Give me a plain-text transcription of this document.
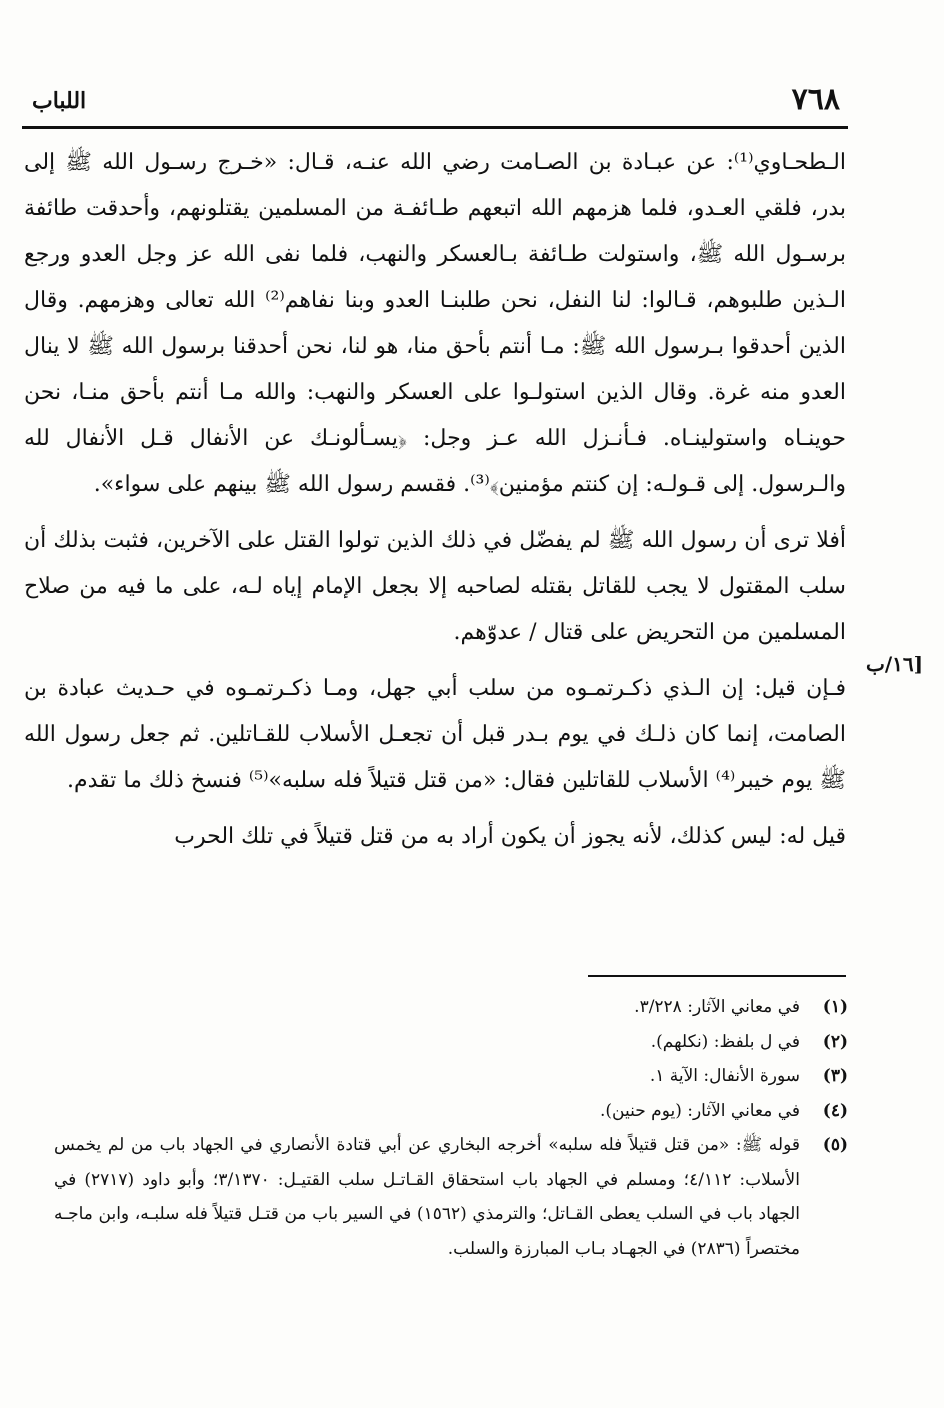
٧٦٨
اللباب

الـطحـاوي⁽¹⁾: عن عبـادة بن الصـامت رضي الله عنـه، قـال: «خـرج رسـول الله ﷺ إلى بدر، فلقي العـدو، فلما هزمهم الله اتبعهم طـائفـة من المسلمين يقتلونهم، وأحدقت طائفة برسـول الله ﷺ، واستولت طـائفة بـالعسكر والنهب، فلما نفى الله عز وجل العدو ورجع الـذين طلبوهم، قـالوا: لنا النفل، نحن طلبنـا العدو وبنا نفاهم⁽²⁾ الله تعالى وهزمهم. وقال الذين أحدقوا بـرسول الله ﷺ: مـا أنتم بأحق منا، هو لنا، نحن أحدقنا برسول الله ﷺ لا ينال العدو منه غرة. وقال الذين استولـوا على العسكر والنهب: والله مـا أنتم بأحق منـا، نحن حوينـاه واستولينـاه. فـأنـزل الله عـز وجل: ﴿يسـألونـك عن الأنفال قـل الأنفال لله والـرسول. إلى قـولـه: إن كنتم مؤمنين﴾⁽³⁾. فقسم رسول الله ﷺ بينهم على سواء».

أفلا ترى أن رسول الله ﷺ لم يفضّل في ذلك الذين تولوا القتل على الآخرين، فثبت بذلك أن سلب المقتول لا يجب للقاتل بقتله لصاحبه إلا بجعل الإمام إياه لـه، على ما فيه من صلاح المسلمين من التحريض على قتال / عدوّهم.

فـإن قيل: إن الـذي ذكـرتمـوه من سلب أبي جهل، ومـا ذكـرتمـوه في حـديث عبادة بن الصامت، إنما كان ذلـك في يوم بـدر قبل أن تجعـل الأسلاب للقـاتلين. ثم جعل رسول الله ﷺ يوم خيبر⁽⁴⁾ الأسلاب للقاتلين فقال: «من قتل قتيلاً فله سلبه»⁽⁵⁾ فنسخ ذلك ما تقدم.

قيل له: ليس كذلك، لأنه يجوز أن يكون أراد به من قتل قتيلاً في تلك الحرب

[١٦/ب
(١)
في معاني الآثار: ٣/٢٢٨.
(٢)
في ل بلفظ: (نكلهم).
(٣)
سورة الأنفال: الآية ١.
(٤)
في معاني الآثار: (يوم حنين).
(٥)
قوله ﷺ: «من قتل قتيلاً فله سلبه» أخرجه البخاري عن أبي قتادة الأنصاري في الجهاد باب من لم يخمس الأسلاب: ٤/١١٢؛ ومسلم في الجهاد باب استحقاق القـاتـل سلب القتيـل: ٣/١٣٧٠؛ وأبو داود (٢٧١٧) في الجهاد باب في السلب يعطى القـاتل؛ والترمذي (١٥٦٢) في السير باب من قتـل قتيلاً فله سلبـه، وابن ماجـه مختصراً (٢٨٣٦) في الجهـاد بـاب المبارزة والسلب.
